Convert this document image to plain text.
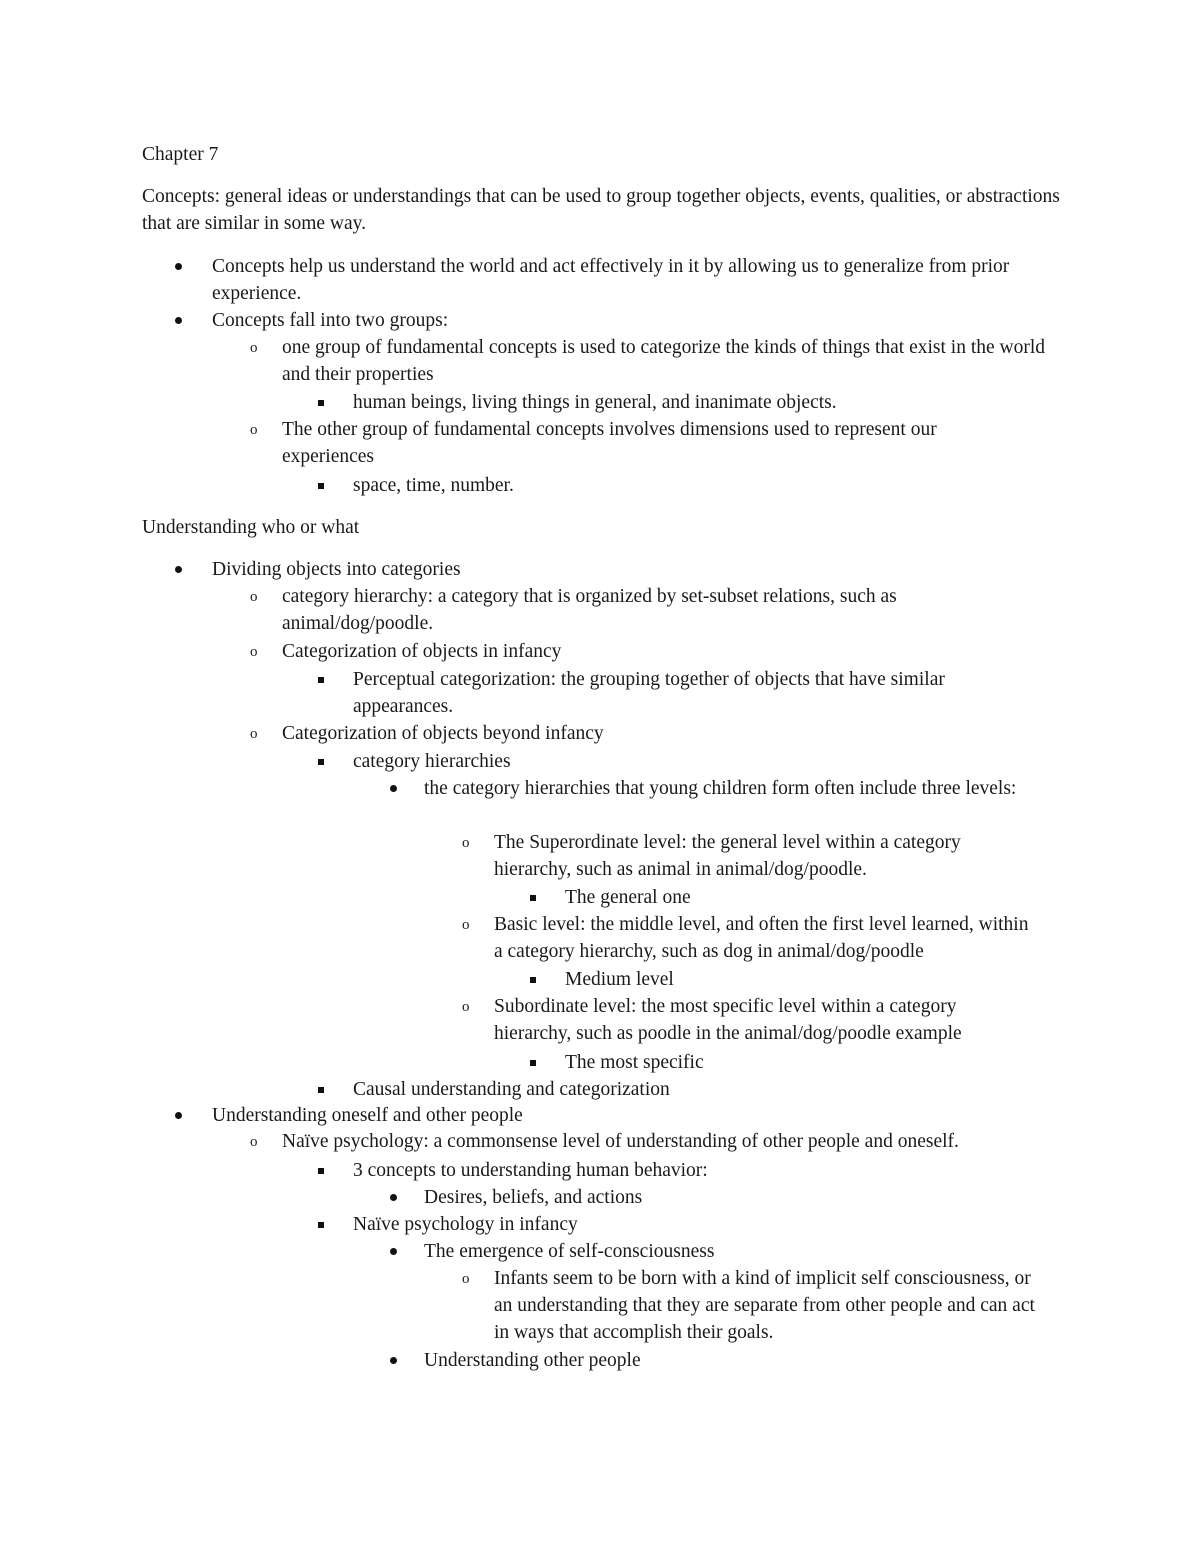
Chapter 7

Concepts: general ideas or understandings that can be used to group together objects, events, qualities, or abstractions that are similar in some way.

Concepts help us understand the world and act effectively in it by allowing us to generalize from prior experience.
Concepts fall into two groups:
o one group of fundamental concepts is used to categorize the kinds of things that exist in the world and their properties
human beings, living things in general, and inanimate objects.
o The other group of fundamental concepts involves dimensions used to represent our experiences
space, time, number.

Understanding who or what

Dividing objects into categories
o category hierarchy: a category that is organized by set-subset relations, such as animal/dog/poodle.
o Categorization of objects in infancy
Perceptual categorization: the grouping together of objects that have similar appearances.
o Categorization of objects beyond infancy
category hierarchies
the category hierarchies that young children form often include three levels:
o The Superordinate level: the general level within a category hierarchy, such as animal in animal/dog/poodle.
The general one
o Basic level: the middle level, and often the first level learned, within a category hierarchy, such as dog in animal/dog/poodle
Medium level
o Subordinate level: the most specific level within a category hierarchy, such as poodle in the animal/dog/poodle example
The most specific
Causal understanding and categorization
Understanding oneself and other people
o Naïve psychology: a commonsense level of understanding of other people and oneself.
3 concepts to understanding human behavior:
Desires, beliefs, and actions
Naïve psychology in infancy
The emergence of self-consciousness
o Infants seem to be born with a kind of implicit self consciousness, or an understanding that they are separate from other people and can act in ways that accomplish their goals.
Understanding other people
